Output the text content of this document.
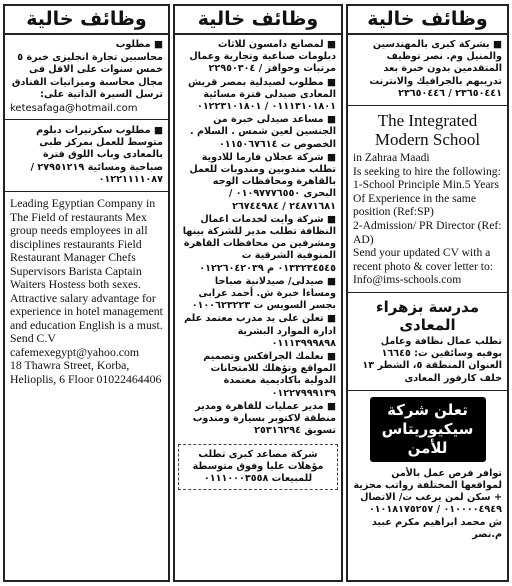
وظائف خالية
■ مطلوب
محاسبين تجارة انجليزى خبرة ٥ خمس سنوات على الاقل فى مجال محاسبة وميزانيات الفنادق ترسل السيرة الذاتية على:
ketesafaga@hotmail.com
■ مطلوب سكرتيرات دبلوم متوسط للعمل بمركز طبى بالمعادى وباب اللوق فترة صباحية ومسائية ٢٧٩٥١٢١٩ / ٠١٢٢١١١١٠٨٧
Leading Egyptian Company in The Field of restaurants Mex group needs employees in all disciplines restaurants Field Restaurant Manager Chefs Supervisors Barista Captain Waiters Hostess both sexes. Attractive salary advantage for experience in hotel management and education English is a must. Send C.V cafemexegypt@yahoo.com
18 Thawra Street, Korba, Helioplis, 6 Floor 01022464406
وظائف خالية
■ لمصانع دامسون للاثاث دبلومات صناعية وتجارية وعمال مرتبات وحوافز / ٢٢٩٥٠٣٠٤
■ مطلوب لصيدلية بمصر قريش المعادى صيدلى فترة مسائية ٠١١١٣١٠١٨٠١ / ٠١٢٢٣١٠١٨٠١
■ مساعد صيدلى خبرة من الجنسين لعين شمس . السلام . الخصوص ت ٠١١٥٠٦٧٦١٤
■ شركة عجلان فارما للادوية تطلب مندوبين ومندوبات للعمل بالقاهرة ومحافظات الوجه البحرى ٠١٠٩٧٧٧٦٥٥٠ / ٢٤٨٧١٦٨١ / ٢٦٧٤٤٩٨٤
■ شركة وايت لخدمات اعمال النظافة تطلب مدير للشركة بينها ومشرفين من محافظات القاهرة المنوفية الشرقية ت ٠١٣٣٢٣٤٥٤٥ م ٠١٢٢٦٠٤٢٠٣٩
■ صيدلى/ صيدلانية صباحا ومساءا خبرة ش. أحمد عرابى بجسر السويس ت ٠١٠٠٦٢٣٢٢٣
■ تعلن على يد مدرب معتمد علم ادارة الموارد البشرية ٠١١١٣٩٩٩٨٩٨
■ نعلمك الجرافكس وتصميم المواقع وتؤهلك للامتحانات الدولية باكاديمية معتمدة ٠١٢٢٧٩٩٩١٣٩
■ مدير عمليات للقاهرة ومدير منطقة لاكتوبر بسيارة ومندوب تسويق ٢٥٣١٦٢٩٤
شركة مصاعد كبرى تطلب مؤهلات عليا وفوق متوسطة للمبيعات ٠١١١٠٠٠٣٥٥٨
وظائف خالية
■ بشركة كبرى بالمهندسين والمنيل وم. نصر توظيف المتقدمين بدون خبرة بعد تدريبهم بالجرافيك والانترنت ٢٣٦٥٠٤٤١ / ٢٣٦٥٠٤٤٦
The Integrated Modern School
in Zahraa Maadi
Is seeking to hire the following:
1-School Principle Min.5 Years Of Experience in the same position (Ref:SP)
2-Admission/ PR Director (Ref: AD)
Send your updated CV with a recent photo & cover letter to:
Info@ims-schools.com
مدرسة بزهراء المعادى
تطلب عمال نظافة وعامل بوفيه وسائقين ت: ١٦٦٤٥ العنوان المنطقة ٥، الشطر ١٣ خلف كارفور المعادى
تعلن شركة سيكيوريتاس للأمن
توافر فرص عمل بالأمن لمواقعها المختلفة رواتب مجزية + سكن لمن يرغب ت/ الاتصال ٠١٠٠٠٠٤٩٤٩ / ٠١٠١٨١٧٥٢٥٧ ش محمد ابراهيم مكرم عبيد م.نصر
